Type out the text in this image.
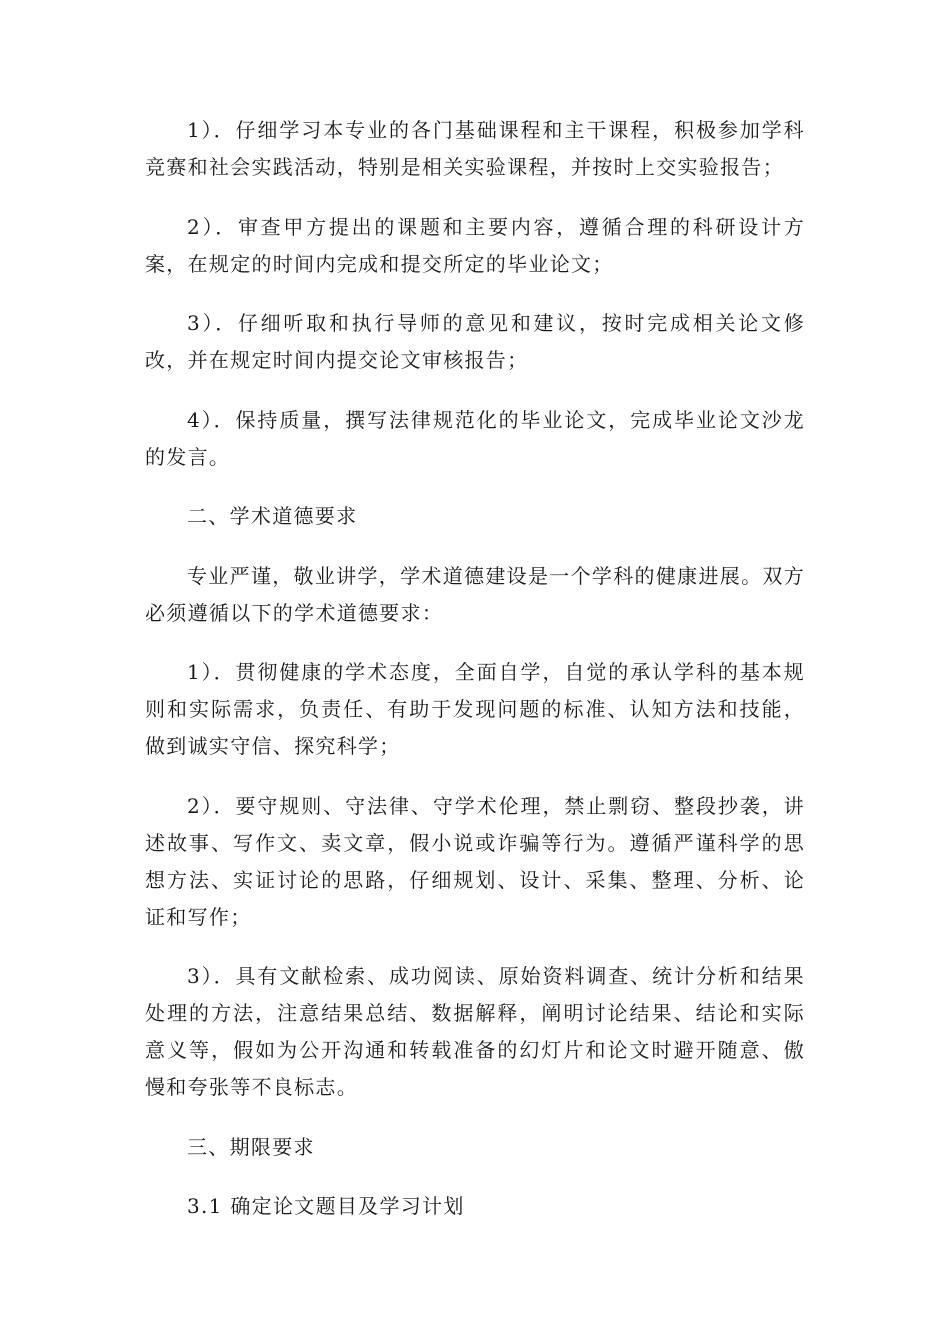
1）．仔细学习本专业的各门基础课程和主干课程，积极参加学科竞赛和社会实践活动，特别是相关实验课程，并按时上交实验报告；

2）．审查甲方提出的课题和主要内容，遵循合理的科研设计方案，在规定的时间内完成和提交所定的毕业论文；

3）．仔细听取和执行导师的意见和建议，按时完成相关论文修改，并在规定时间内提交论文审核报告；

4）．保持质量，撰写法律规范化的毕业论文，完成毕业论文沙龙的发言。

二、学术道德要求

专业严谨，敬业讲学，学术道德建设是一个学科的健康进展。双方必须遵循以下的学术道德要求：

1）．贯彻健康的学术态度，全面自学，自觉的承认学科的基本规则和实际需求，负责任、有助于发现问题的标准、认知方法和技能，做到诚实守信、探究科学；

2）．要守规则、守法律、守学术伦理，禁止剽窃、整段抄袭，讲述故事、写作文、卖文章，假小说或诈骗等行为。遵循严谨科学的思想方法、实证讨论的思路，仔细规划、设计、采集、整理、分析、论证和写作；

3）．具有文献检索、成功阅读、原始资料调查、统计分析和结果处理的方法，注意结果总结、数据解释，阐明讨论结果、结论和实际意义等，假如为公开沟通和转载准备的幻灯片和论文时避开随意、傲慢和夸张等不良标志。

三、期限要求

3.1 确定论文题目及学习计划
